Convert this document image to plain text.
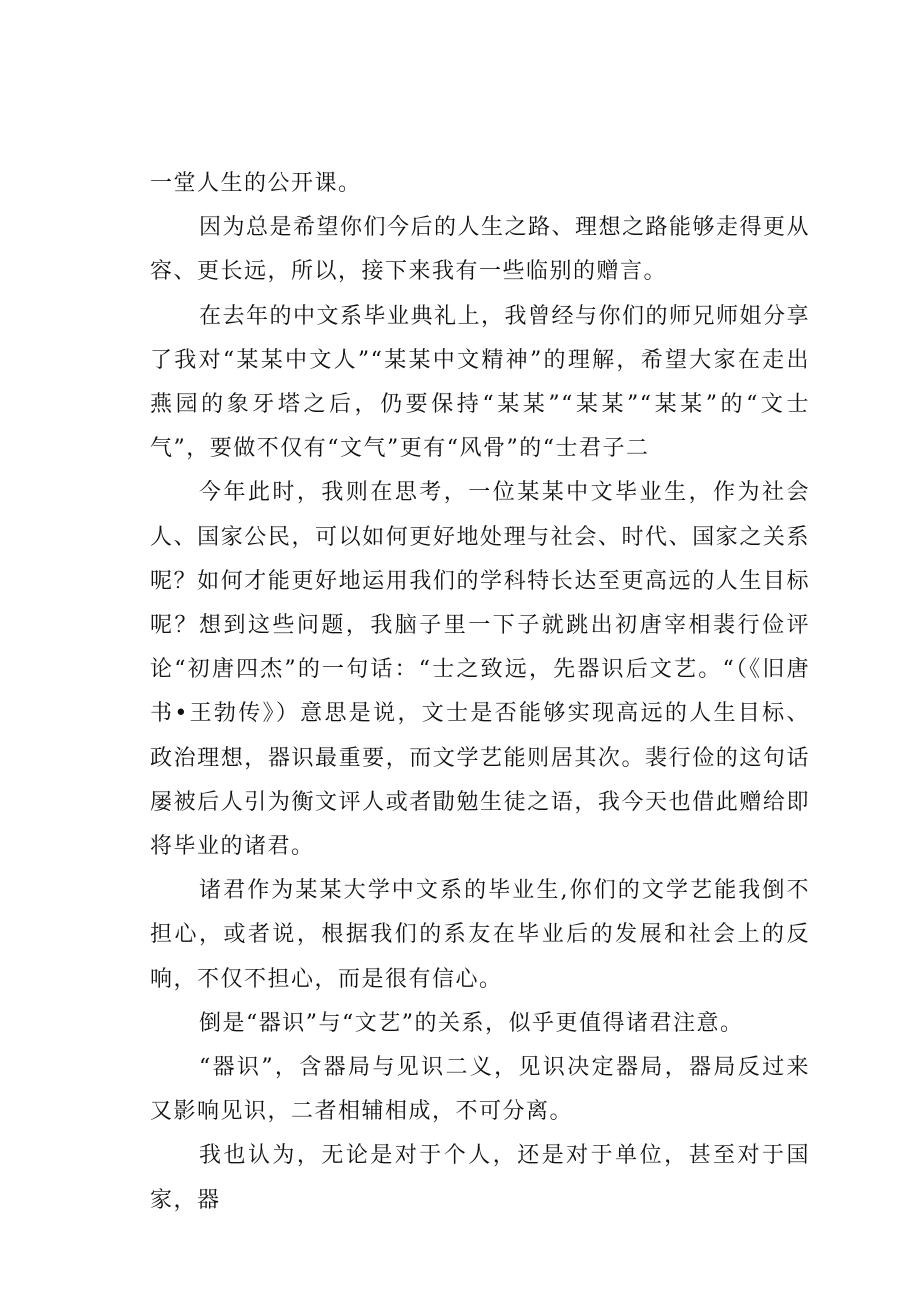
一堂人生的公开课。

因为总是希望你们今后的人生之路、理想之路能够走得更从容、更长远，所以，接下来我有一些临别的赠言。

在去年的中文系毕业典礼上，我曾经与你们的师兄师姐分享了我对“某某中文人”“某某中文精神”的理解，希望大家在走出燕园的象牙塔之后，仍要保持“某某”“某某”“某某”的“文士气”，要做不仅有“文气”更有“风骨”的“士君子二

今年此时，我则在思考，一位某某中文毕业生，作为社会人、国家公民，可以如何更好地处理与社会、时代、国家之关系呢？如何才能更好地运用我们的学科特长达至更高远的人生目标呢？想到这些问题，我脑子里一下子就跳出初唐宰相裴行俭评论“初唐四杰”的一句话：“士之致远，先器识后文艺。“（《旧唐书•王勃传》）意思是说，文士是否能够实现高远的人生目标、政治理想，器识最重要，而文学艺能则居其次。裴行俭的这句话屡被后人引为衡文评人或者勖勉生徒之语，我今天也借此赠给即将毕业的诸君。

诸君作为某某大学中文系的毕业生,你们的文学艺能我倒不担心，或者说，根据我们的系友在毕业后的发展和社会上的反响，不仅不担心，而是很有信心。

倒是“器识”与“文艺”的关系，似乎更值得诸君注意。

“器识”，含器局与见识二义，见识决定器局，器局反过来又影响见识，二者相辅相成，不可分离。

我也认为，无论是对于个人，还是对于单位，甚至对于国家，器
